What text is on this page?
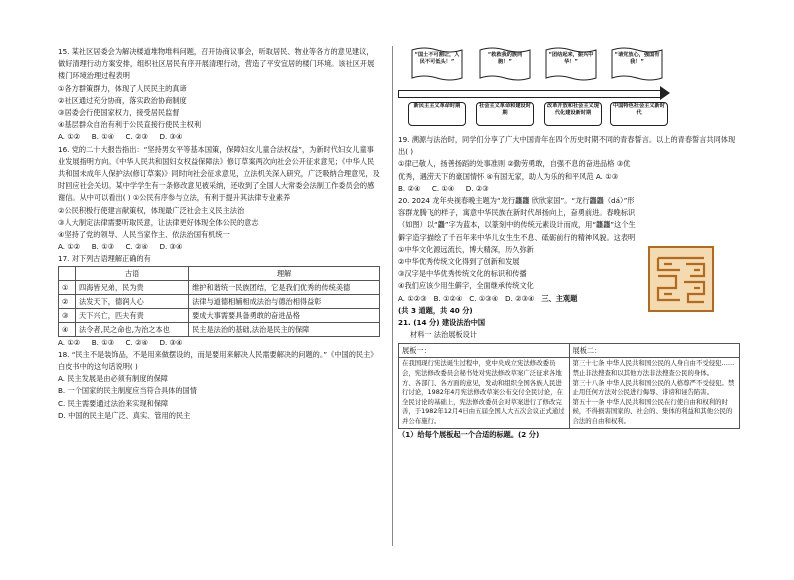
15. 某社区居委会为解决楼道堆物堆料问题，召开协商议事会，听取居民、物业等各方的意见建议，做好清理行动方案安排，组织社区居民有序开展清理行动，营造了平安宜居的楼门环境。该社区开展楼门环境治理过程表明

①各方群策群力，体现了人民民主的真谛

②社区通过充分协商，落实政治协商制度

③居委会行使国家权力，接受居民监督

④基层群众自治有利于公民直接行使民主权利

A. ①② B. ①④ C. ②③ D. ③④

16. 党的二十大报告指出：“坚持男女平等基本国策，保障妇女儿童合法权益”，为新时代妇女儿童事业发展指明方向。《中华人民共和国妇女权益保障法》修订草案两次向社会公开征求意见；《中华人民共和国未成年人保护法(修订草案)》同时向社会征求意见，立法机关深入研究，广泛吸纳合理意见，及时回应社会关切。某中学学生有一条修改意见被采纳，还收到了全国人大常委会法制工作委员会的感谢信。从中可以看出( ) ①公民有序参与立法，有利于提升其法律专业素养

②公民积极行使建言献策权，体现最广泛社会主义民主法治

③人大制定法律需要听取民意，让法律更好体现全体公民的意志

④坚持了党的领导、人民当家作主、依法治国有机统一

A. ①② B. ①③ C. ②④ D. ③④

17. 对下列古语理解正确的有

	古语	理解
①	四海皆兄弟，民为贵	维护和谐统一民族团结，它是我们优秀的传统美德
②	法发天下，德润人心	法律与道德相辅相成法治与德治相得益彰
③	天下兴亡，匹夫有责	要成大事需要具备勇敢的奋进品格
④	法令者,民之命也,为治之本也	民主是法治的基础,法治是民主的保障

A. ①② B. ①③ C. ②④ D. ③④

18. “民主不是装饰品，不是用来做摆设的，而是要用来解决人民需要解决的问题的。”《中国的民主》白皮书中的这句话说明( )

A. 民主发展是由必须有制度的保障

B. 一个国家的民主制度应当符合具体的国情

C. 民主需要通过法治来实现和保障

D. 中国的民主是广泛、真实、管用的民主

“国土不可割让，人民不可低头！”
“救救我的族同胞！”
“团结起来，振兴中华！”
“请党放心，强国有我！”
新民主主义革命时期	社会主义革命和建设时期
改革开放和社会主义现代化建设新时期
中国特色社会主义新时代

19. 溯源与法治时，同学们分享了广大中国青年在四个历史时期不同的青春誓言。以上的青春誓言共同体现出( )

①律己敬人，扬善扬蹈的处事准则 ②勤劳勇敢，自强不息的奋进品格 ③优

优秀，遇涝天下的豪国情怀 ④有国无家，助人为乐的和平风范 A. ①③

B. ②④ C. ①④ D. ②③

20. 2024 龙年央视春晚主题为“龙行龘龘 欣欣家国”。“龙行龘龘（dá）”形容群龙腾飞的样子，寓意中华民族在新时代昂扬向上，奋勇前进。春晚标识（如图）以“龘”字为蓝本，以篆刻中的传统元素设计而成，用“龘龘”这个生僻字造字描绘了千百年来中华儿女生生不息、砥砺前行的精神风貌。这表明

①中华文化源远流长，博大精深，历久弥新

②中华优秀传统文化得到了创新和发展

③汉字是中华优秀传统文化的标识和传播

④我们应该少用生僻字，全面继承传统文化

A. ①②③ B. ①②④ C. ①③④ D. ②③④ 三、主观题

(共 3 道题，共 40 分)

21. (14 分) 建设法治中国

材料一 法治展板设计

展板一：	展板二：
在我国现行宪法诞生过程中，党中央成立宪法修改委员会，宪法修改委员会秘书处对宪法修改草案广泛征求各地方、各部门、各方面的意见，发动和组织全国各族人民进行讨论，1982年4月宪法修改草案公布交付全民讨论，在全民讨论的基础上，宪法修改委员会对草案进行了修改完善，于1982年12月4日由五届全国人大五次会议正式通过并公布施行。	第三十七条 中华人民共和国公民的人身自由不受侵犯……禁止非法搜查和以其他方法非法搜查公民的身体。
第三十八条 中华人民共和国公民的人格尊严不受侵犯。禁止用任何方法对公民进行侮辱、诽谤和诬告陷害。
第五十一条 中华人民共和国公民在行使自由和权利的时候，不得损害国家的、社会的、集体的利益和其他公民的合法的自由和权利。

（1）给每个展板起一个合适的标题。(2 分)
